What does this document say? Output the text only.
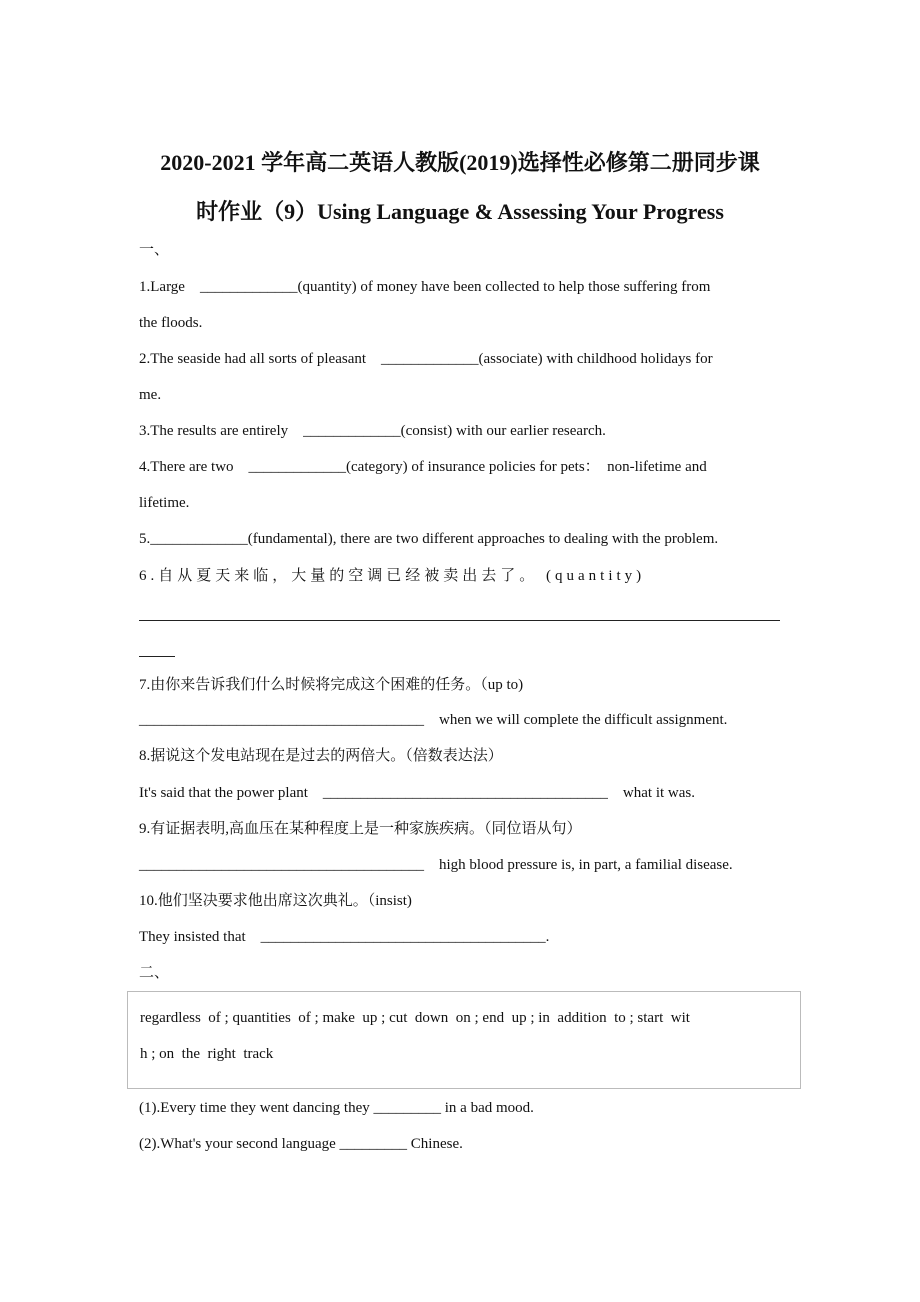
2020-2021 学年高二英语人教版(2019)选择性必修第二册同步课
时作业（9）Using Language & Assessing Your Progress
一、
1.Large    _____________(quantity) of money have been collected to help those suffering from
the floods.
2.The seaside had all sorts of pleasant    _____________(associate) with childhood holidays for
me.
3.The results are entirely    _____________(consist) with our earlier research.
4.There are two    _____________(category) of insurance policies for pets：  non-lifetime and
lifetime.
5._____________(fundamental), there are two different approaches to dealing with the problem.
6.自从夏天来临，大量的空调已经被卖出去了。 (quantity)
7.由你来告诉我们什么时候将完成这个困难的任务。（up to)
______________________________________    when we will complete the difficult assignment.
8.据说这个发电站现在是过去的两倍大。（倍数表达法）
It's said that the power plant    ______________________________________    what it was.
9.有证据表明,高血压在某种程度上是一种家族疾病。（同位语从句）
______________________________________    high blood pressure is, in part, a familial disease.
10.他们坚决要求他出席这次典礼。（insist)
They insisted that    ______________________________________.
二、
regardless  of ; quantities  of ; make  up ; cut  down  on ; end  up ; in  addition  to ; start  wit
h ; on  the  right  track
(1).Every time they went dancing they _________ in a bad mood.
(2).What's your second language _________ Chinese.
